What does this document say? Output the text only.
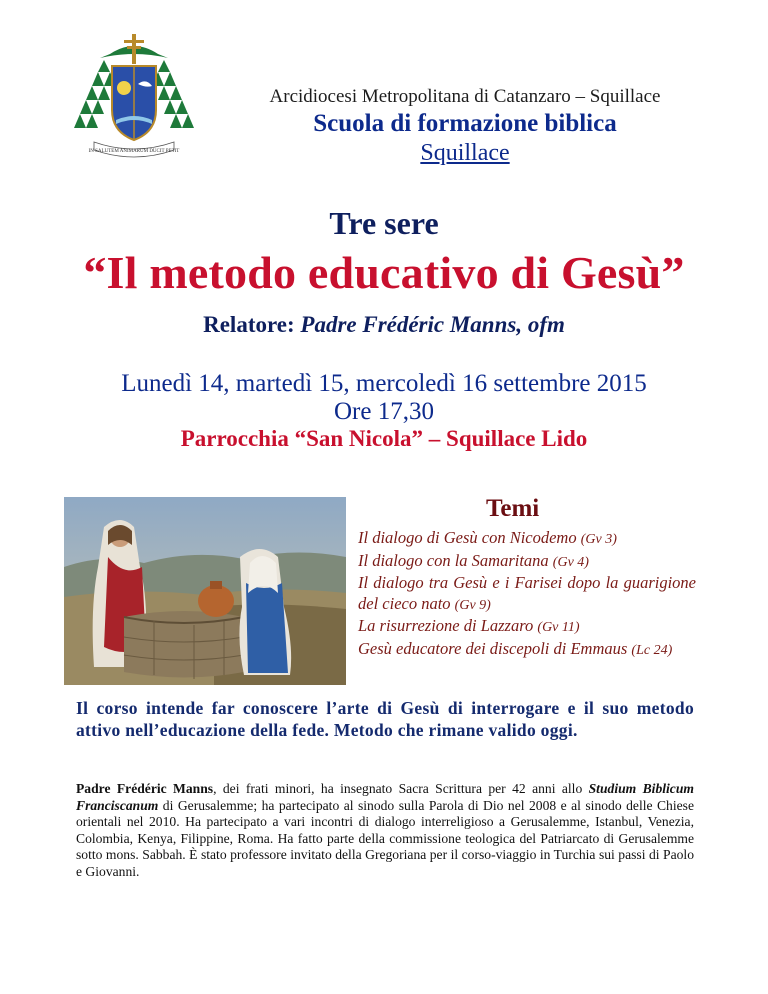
IN SALUTEM ANIMARUM DUCIT PETIT
Arcidiocesi Metropolitana di Catanzaro – Squillace
Scuola di formazione biblica
Squillace
Tre sere
“Il metodo educativo di Gesù”
Relatore: Padre Frédéric Manns, ofm
Lunedì 14, martedì 15, mercoledì 16 settembre 2015
Ore 17,30
Parrocchia “San Nicola” – Squillace Lido
Temi
Il dialogo di Gesù con Nicodemo (Gv 3)
Il dialogo con la Samaritana (Gv 4)
Il dialogo tra Gesù e i Farisei dopo la guarigione del cieco nato (Gv 9)
La risurrezione di Lazzaro (Gv 11)
Gesù educatore dei discepoli di Emmaus (Lc 24)
Il corso intende far conoscere l’arte di Gesù di interrogare e il suo metodo attivo nell’educazione della fede. Metodo che rimane valido oggi.
Padre Frédéric Manns, dei frati minori, ha insegnato Sacra Scrittura per 42 anni allo Studium Biblicum Franciscanum di Gerusalemme; ha partecipato al sinodo sulla Parola di Dio nel 2008 e al sinodo delle Chiese orientali nel 2010. Ha partecipato a vari incontri di dialogo interreligioso a Gerusalemme, Istanbul, Venezia, Colombia, Kenya, Filippine, Roma. Ha fatto parte della commissione teologica del Patriarcato di Gerusalemme sotto mons. Sabbah. È stato professore invitato della Gregoriana per il corso-viaggio in Turchia sui passi di Paolo e Giovanni.
